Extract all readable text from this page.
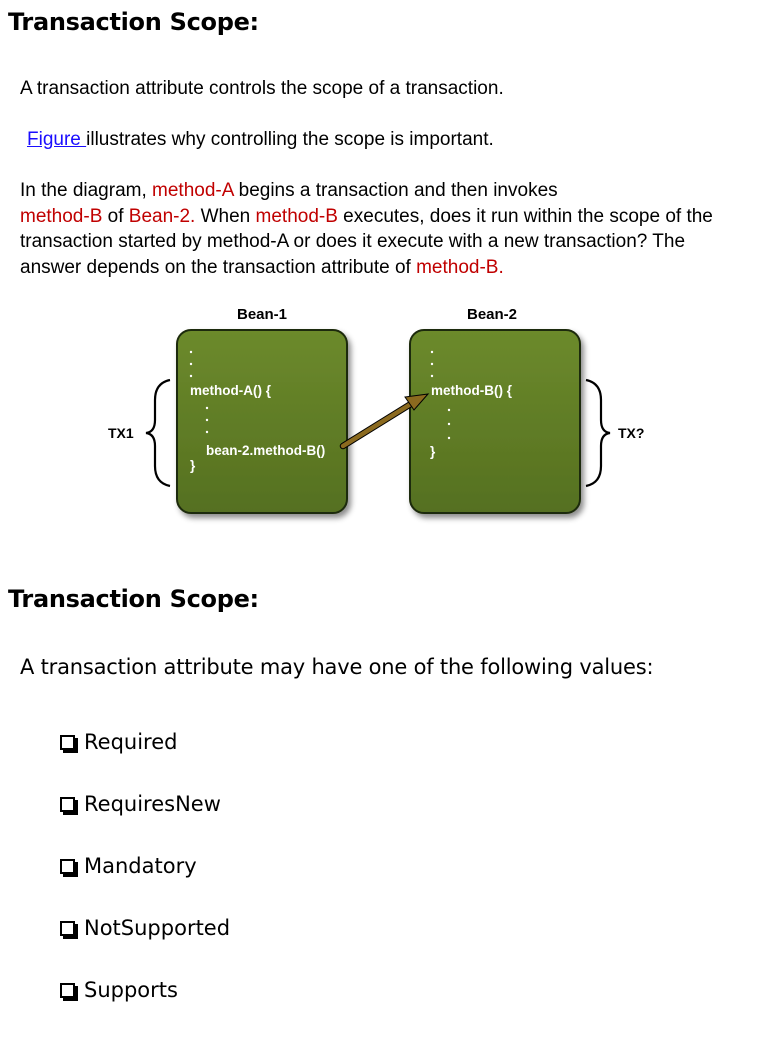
Transaction Scope:

A transaction attribute controls the scope of a transaction.

Figure illustrates why controlling the scope is important.

In the diagram, method-A begins a transaction and then invokes
method-B of Bean-2. When method-B executes, does it run within the scope of the transaction started by method-A or does it execute with a new transaction? The answer depends on the transaction attribute of method-B.

Bean-1	Bean-2
method-A() {
bean-2.method-B()
}
method-B() {
}
TX1	TX?
Transaction Scope:

A transaction attribute may have one of the following values:

Required
RequiresNew
Mandatory
NotSupported
Supports
